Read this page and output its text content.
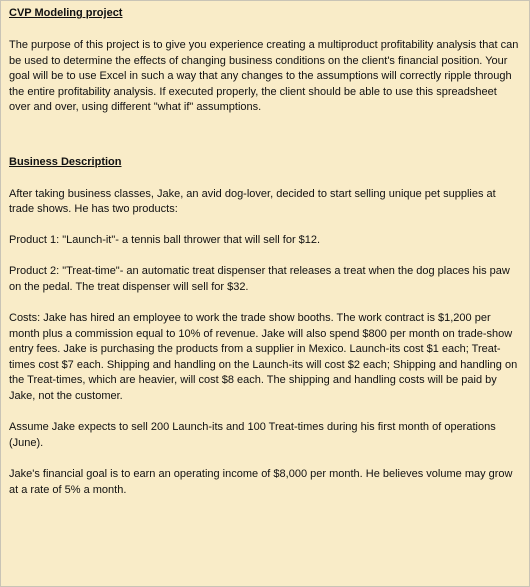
CVP Modeling project

The purpose of this project is to give you experience creating a multiproduct profitability analysis that can be used to determine the effects of changing business conditions on the client's financial position. Your goal will be to use Excel in such a way that any changes to the assumptions will correctly ripple through the entire profitability analysis. If executed properly, the client should be able to use this spreadsheet over and over, using different "what if" assumptions.

Business Description

After taking business classes, Jake, an avid dog-lover, decided to start selling unique pet supplies at trade shows. He has two products:

Product 1: "Launch-it"- a tennis ball thrower that will sell for $12.

Product 2: "Treat-time"- an automatic treat dispenser that releases a treat when the dog places his paw on the pedal. The treat dispenser will sell for $32.

Costs: Jake has hired an employee to work the trade show booths. The work contract is $1,200 per month plus a commission equal to 10% of revenue. Jake will also spend $800 per month on trade-show entry fees. Jake is purchasing the products from a supplier in Mexico. Launch-its cost $1 each; Treat-times cost $7 each. Shipping and handling on the Launch-its will cost $2 each; Shipping and handling on the Treat-times, which are heavier, will cost $8 each. The shipping and handling costs will be paid by Jake, not the customer.

Assume Jake expects to sell 200 Launch-its and 100 Treat-times during his first month of operations (June).

Jake's financial goal is to earn an operating income of $8,000 per month. He believes volume may grow at a rate of 5% a month.
